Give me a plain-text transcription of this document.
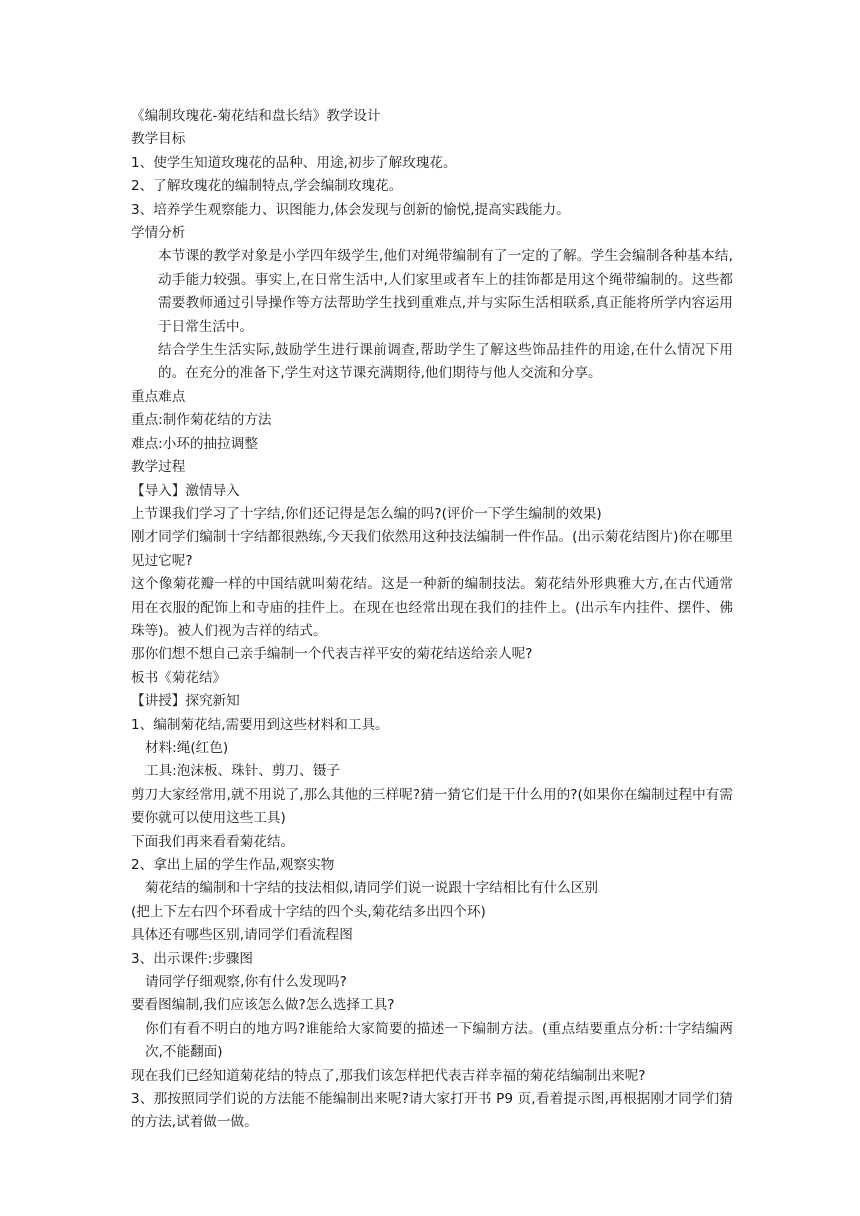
《编制玫瑰花-菊花结和盘长结》教学设计
教学目标
1、使学生知道玫瑰花的品种、用途,初步了解玫瑰花。
2、了解玫瑰花的编制特点,学会编制玫瑰花。
3、培养学生观察能力、识图能力,体会发现与创新的愉悦,提高实践能力。
学情分析
本节课的教学对象是小学四年级学生,他们对绳带编制有了一定的了解。学生会编制各种基本结,动手能力较强。事实上,在日常生活中,人们家里或者车上的挂饰都是用这个绳带编制的。这些都需要教师通过引导操作等方法帮助学生找到重难点,并与实际生活相联系,真正能将所学内容运用于日常生活中。
结合学生生活实际,鼓励学生进行课前调查,帮助学生了解这些饰品挂件的用途,在什么情况下用的。在充分的准备下,学生对这节课充满期待,他们期待与他人交流和分享。
重点难点
重点:制作菊花结的方法
难点:小环的抽拉调整
教学过程
【导入】激情导入
上节课我们学习了十字结,你们还记得是怎么编的吗?(评价一下学生编制的效果)
刚才同学们编制十字结都很熟练,今天我们依然用这种技法编制一件作品。(出示菊花结图片)你在哪里见过它呢?
这个像菊花瓣一样的中国结就叫菊花结。这是一种新的编制技法。菊花结外形典雅大方,在古代通常用在衣服的配饰上和寺庙的挂件上。在现在也经常出现在我们的挂件上。(出示车内挂件、摆件、佛珠等)。被人们视为吉祥的结式。
那你们想不想自己亲手编制一个代表吉祥平安的菊花结送给亲人呢?
板书《菊花结》
【讲授】探究新知
1、编制菊花结,需要用到这些材料和工具。
材料:绳(红色)
工具:泡沫板、珠针、剪刀、镊子
剪刀大家经常用,就不用说了,那么其他的三样呢?猜一猜它们是干什么用的?(如果你在编制过程中有需要你就可以使用这些工具)
下面我们再来看看菊花结。
2、拿出上届的学生作品,观察实物
菊花结的编制和十字结的技法相似,请同学们说一说跟十字结相比有什么区别
(把上下左右四个环看成十字结的四个头,菊花结多出四个环)
具体还有哪些区别,请同学们看流程图
3、出示课件:步骤图
请同学仔细观察,你有什么发现吗?
要看图编制,我们应该怎么做?怎么选择工具?
你们有看不明白的地方吗?谁能给大家简要的描述一下编制方法。(重点结要重点分析:十字结编两次,不能翻面)
现在我们已经知道菊花结的特点了,那我们该怎样把代表吉祥幸福的菊花结编制出来呢?
3、那按照同学们说的方法能不能编制出来呢?请大家打开书 P9 页,看着提示图,再根据刚才同学们猜的方法,试着做一做。
